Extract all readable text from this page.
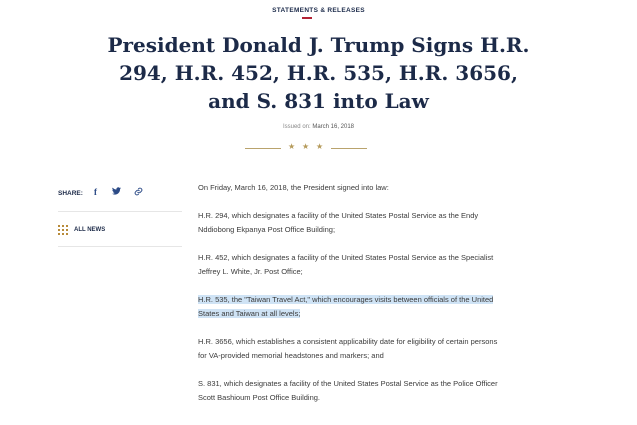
STATEMENTS & RELEASES
President Donald J. Trump Signs H.R. 294, H.R. 452, H.R. 535, H.R. 3656, and S. 831 into Law
Issued on: March 16, 2018
★ ★ ★
SHARE: f
ALL NEWS

On Friday, March 16, 2018, the President signed into law:

H.R. 294, which designates a facility of the United States Postal Service as the Endy Nddiobong Ekpanya Post Office Building;

H.R. 452, which designates a facility of the United States Postal Service as the Specialist Jeffrey L. White, Jr. Post Office;

H.R. 535, the "Taiwan Travel Act," which encourages visits between officials of the United States and Taiwan at all levels;

H.R. 3656, which establishes a consistent applicability date for eligibility of certain persons for VA-provided memorial headstones and markers; and

S. 831, which designates a facility of the United States Postal Service as the Police Officer Scott Bashioum Post Office Building.
